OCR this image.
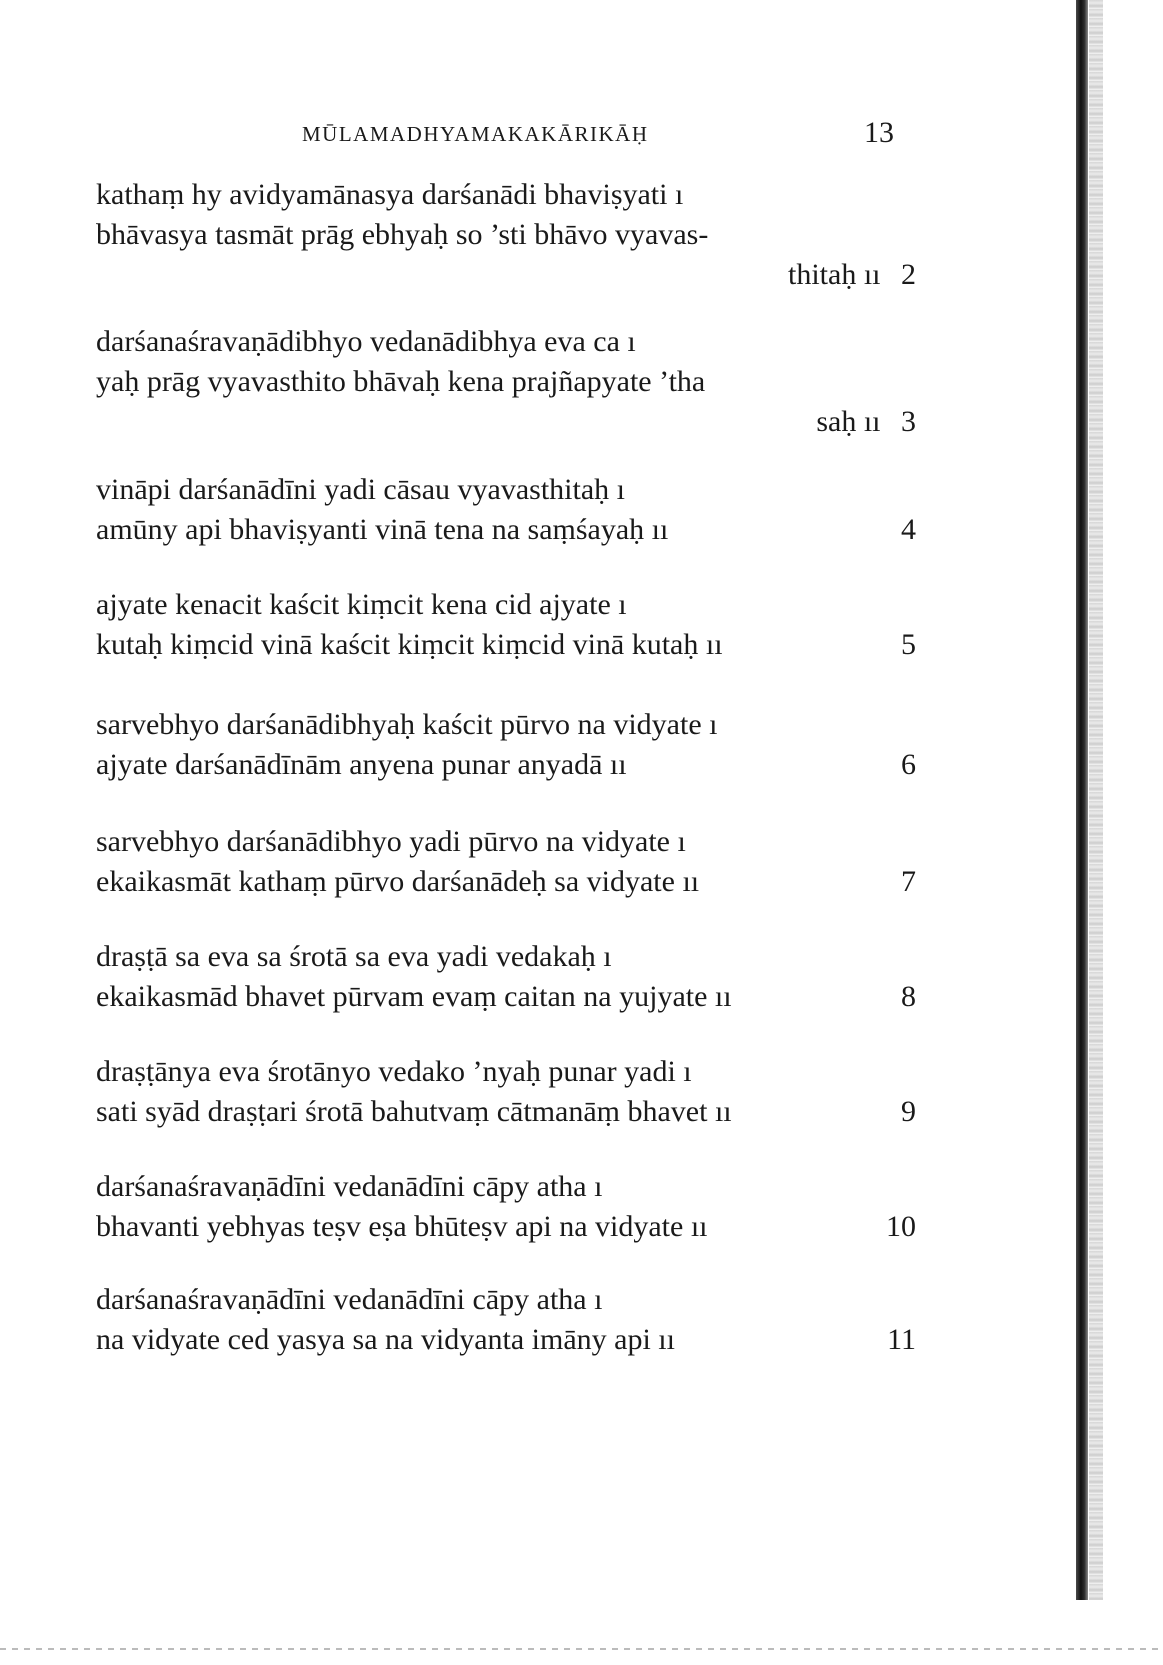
MŪLAMADHYAMAKAKĀRIKĀḤ	13
kathaṃ hy avidyamānasya darśanādi bhaviṣyati ı
bhāvasya tasmāt prāg ebhyaḥ so ’sti bhāvo vyavas-
thitaḥ ıı 2
darśanaśravaṇādibhyo vedanādibhya eva ca ı
yaḥ prāg vyavasthito bhāvaḥ kena prajñapyate ’tha
saḥ ıı 3
vināpi darśanādīni yadi cāsau vyavasthitaḥ ı
amūny api bhaviṣyanti vinā tena na saṃśayaḥ ıı	4
ajyate kenacit kaścit kiṃcit kena cid ajyate ı
kutaḥ kiṃcid vinā kaścit kiṃcit kiṃcid vinā kutaḥ ıı	5
sarvebhyo darśanādibhyaḥ kaścit pūrvo na vidyate ı
ajyate darśanādīnām anyena punar anyadā ıı	6
sarvebhyo darśanādibhyo yadi pūrvo na vidyate ı
ekaikasmāt kathaṃ pūrvo darśanādeḥ sa vidyate ıı	7
draṣṭā sa eva sa śrotā sa eva yadi vedakaḥ ı
ekaikasmād bhavet pūrvam evaṃ caitan na yujyate ıı	8
draṣṭānya eva śrotānyo vedako ’nyaḥ punar yadi ı
sati syād draṣṭari śrotā bahutvaṃ cātmanāṃ bhavet ıı	9
darśanaśravaṇādīni vedanādīni cāpy atha ı
bhavanti yebhyas teṣv eṣa bhūteṣv api na vidyate ıı	10
darśanaśravaṇādīni vedanādīni cāpy atha ı
na vidyate ced yasya sa na vidyanta imāny api ıı	11
